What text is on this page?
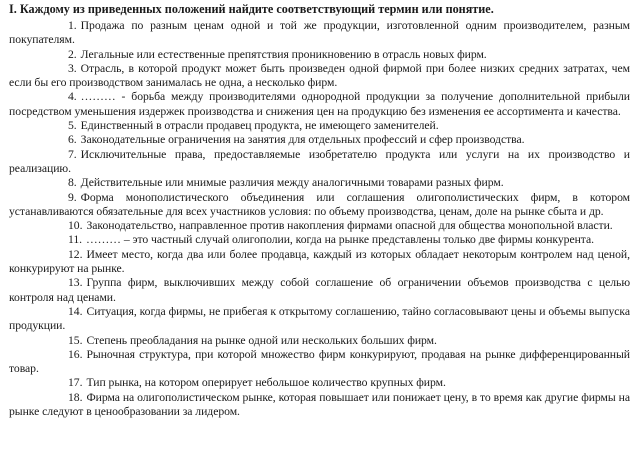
I. Каждому из приведенных положений найдите соответствующий термин или понятие.

1. Продажа по разным ценам одной и той же продукции, изготовленной одним производителем, разным покупателям.

2. Легальные или естественные препятствия проникновению в отрасль новых фирм.

3. Отрасль, в которой продукт может быть произведен одной фирмой при более низких средних затратах, чем если бы его производством занималась не одна, а несколько фирм.

4. ……… - борьба между производителями однородной продукции за получение дополнительной прибыли посредством уменьшения издержек производства и снижения цен на продукцию без изменения ее ассортимента и качества.

5. Единственный в отрасли продавец продукта, не имеющего заменителей.

6. Законодательные ограничения на занятия для отдельных профессий и сфер производства.

7. Исключительные права, предоставляемые изобретателю продукта или услуги на их производство и реализацию.

8. Действительные или мнимые различия между аналогичными товарами разных фирм.

9. Форма монополистического объединения или соглашения олигополистических фирм, в котором устанавливаются обязательные для всех участников условия: по объему производства, ценам, доле на рынке сбыта и др.

10. Законодательство, направленное против накопления фирмами опасной для общества монопольной власти.

11. ……… – это частный случай олигополии, когда на рынке представлены только две фирмы конкурента.

12. Имеет место, когда два или более продавца, каждый из которых обладает некоторым контролем над ценой, конкурируют на рынке.

13. Группа фирм, выключивших между собой соглашение об ограничении объемов производства с целью контроля над ценами.

14. Ситуация, когда фирмы, не прибегая к открытому соглашению, тайно согласовывают цены и объемы выпуска продукции.

15. Степень преобладания на рынке одной или нескольких больших фирм.

16. Рыночная структура, при которой множество фирм конкурируют, продавая на рынке дифференцированный товар.

17. Тип рынка, на котором оперирует небольшое количество крупных фирм.

18. Фирма на олигополистическом рынке, которая повышает или понижает цену, в то время как другие фирмы на рынке следуют в ценообразовании за лидером.
